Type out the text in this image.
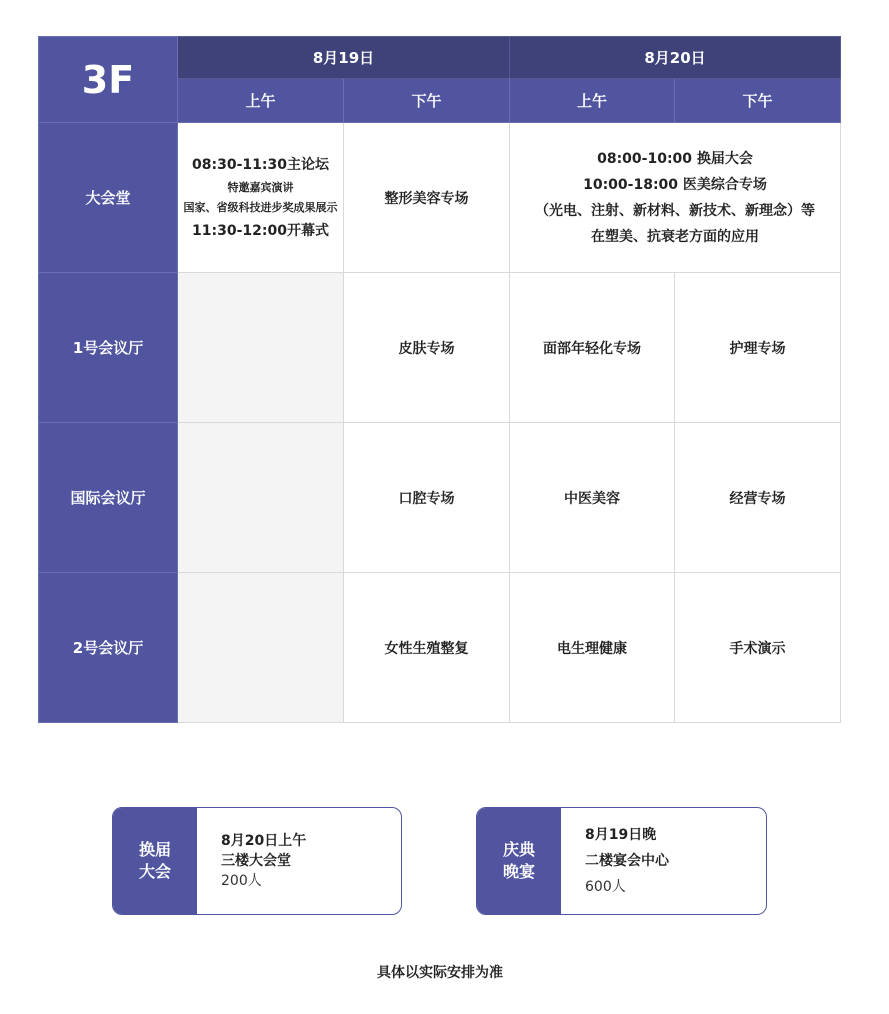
3F	8月19日		8月20日	
	上午	下午	上午	下午
大会堂	08:30-11:30主论坛
特邀嘉宾演讲
国家、省级科技进步奖成果展示
11:30-12:00开幕式	整形美容专场	08:00-10:00 换届大会
10:00-18:00 医美综合专场
（光电、注射、新材料、新技术、新理念）等
在塑美、抗衰老方面的应用	

1号会议厅		皮肤专场	面部年轻化专场	护理专场
国际会议厅		口腔专场	中医美容	经营专场
2号会议厅		女性生殖整复	电生理健康	手术演示
换届
大会
8月20日上午
三楼大会堂
200人
庆典
晚宴
8月19日晚
二楼宴会中心
600人
具体以实际安排为准
